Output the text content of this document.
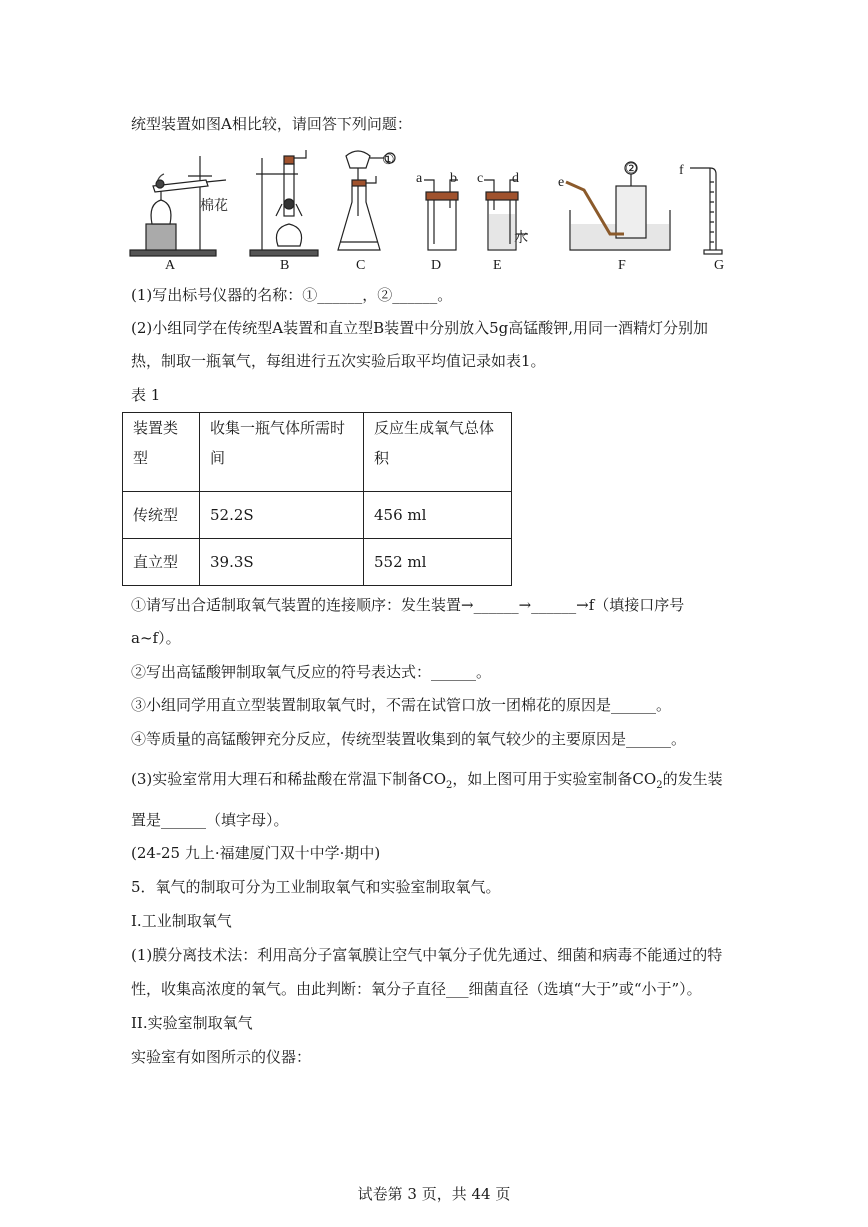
统型装置如图A相比较，请回答下列问题：
棉花
水
①
②
a b c d	e
f
A	B	C	D	E	F	G
(1)写出标号仪器的名称：①______，②______。
(2)小组同学在传统型A装置和直立型B装置中分别放入5g高锰酸钾,用同一酒精灯分别加
热，制取一瓶氧气，每组进行五次实验后取平均值记录如表1。
表 1
装置类
型	收集一瓶气体所需时
间	反应生成氧气总体
积
传统型	52.2S	456 ml
直立型	39.3S	552 ml
①请写出合适制取氧气装置的连接顺序：发生装置→______→______→f（填接口序号
a~f）。
②写出高锰酸钾制取氧气反应的符号表达式：______。
③小组同学用直立型装置制取氧气时，不需在试管口放一团棉花的原因是______。
④等质量的高锰酸钾充分反应，传统型装置收集到的氧气较少的主要原因是______。
(3)实验室常用大理石和稀盐酸在常温下制备$CO_2$，如上图可用于实验室制备$CO_2$的发生装
置是______（填字母）。
(24-25 九上·福建厦门双十中学·期中)
5．氧气的制取可分为工业制取氧气和实验室制取氧气。
I.工业制取氧气
(1)膜分离技术法：利用高分子富氧膜让空气中氧分子优先通过、细菌和病毒不能通过的特
性，收集高浓度的氧气。由此判断：氧分子直径___细菌直径（选填“大于”或“小于”）。
II.实验室制取氧气
实验室有如图所示的仪器：
试卷第 3 页，共 44 页
